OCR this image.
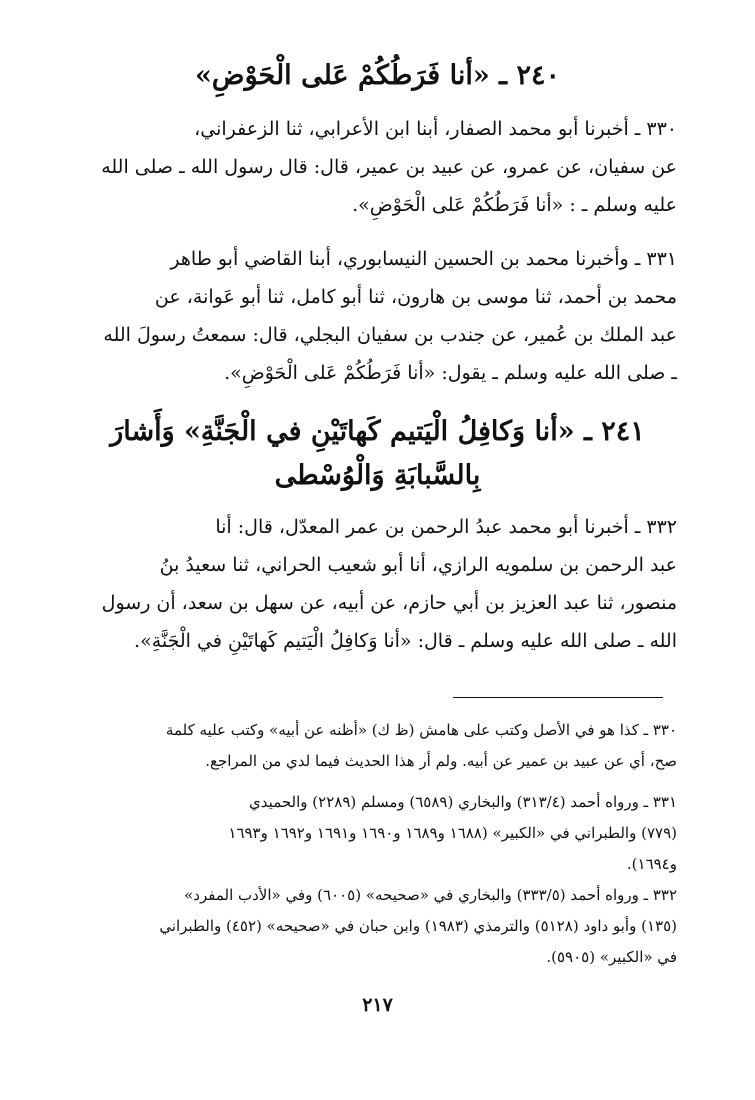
٢٤٠ ـ «أنا فَرَطُكُمْ عَلى الْحَوْضِ»

٣٣٠ ـ أخبرنا أبو محمد الصفار، أبنا ابن الأعرابي، ثنا الزعفراني،

عن سفيان، عن عمرو، عن عبيد بن عمير، قال: قال رسول الله ـ صلى الله

عليه وسلم ـ : «أنا فَرَطُكُمْ عَلى الْحَوْضِ».

٣٣١ ـ وأخبرنا محمد بن الحسين النيسابوري، أبنا القاضي أبو طاهر

محمد بن أحمد، ثنا موسى بن هارون، ثنا أبو كامل، ثنا أبو عَوانة، عن

عبد الملك بن عُمير، عن جندب بن سفيان البجلي، قال: سمعتُ رسولَ الله

ـ صلى الله عليه وسلم ـ يقول: «أنا فَرَطُكُمْ عَلى الْحَوْضِ».

٢٤١ ـ «أنا وَكافِلُ الْيَتيم كَهاتَيْنِ في الْجَنَّةِ» وَأَشارَ
بِالسَّبابَةِ وَالْوُسْطى

٣٣٢ ـ أخبرنا أبو محمد عبدُ الرحمن بن عمر المعدّل، قال: أنا

عبد الرحمن بن سلمويه الرازي، أنا أبو شعيب الحراني، ثنا سعيدُ بنُ

منصور، ثنا عبد العزيز بن أبي حازم، عن أبيه، عن سهل بن سعد، أن رسول

الله ـ صلى الله عليه وسلم ـ قال: «أنا وَكافِلُ الْيَتيم كَهاتَيْنِ في الْجَنَّةِ».

٣٣٠ ـ كذا هو في الأصل وكتب على هامش (ظ ك) «أظنه عن أبيه» وكتب عليه كلمة

صح، أي عن عبيد بن عمير عن أبيه. ولم أر هذا الحديث فيما لدي من المراجع.

٣٣١ ـ ورواه أحمد (٣١٣/٤) والبخاري (٦٥٨٩) ومسلم (٢٢٨٩) والحميدي

(٧٧٩) والطبراني في «الكبير» (١٦٨٨ و١٦٨٩ و١٦٩٠ و١٦٩١ و١٦٩٢ و١٦٩٣

و١٦٩٤).

٣٣٢ ـ ورواه أحمد (٣٣٣/٥) والبخاري في «صحيحه» (٦٠٠٥) وفي «الأدب المفرد»

(١٣٥) وأبو داود (٥١٢٨) والترمذي (١٩٨٣) وابن حبان في «صحيحه» (٤٥٢) والطبراني

في «الكبير» (٥٩٠٥).

٢١٧
